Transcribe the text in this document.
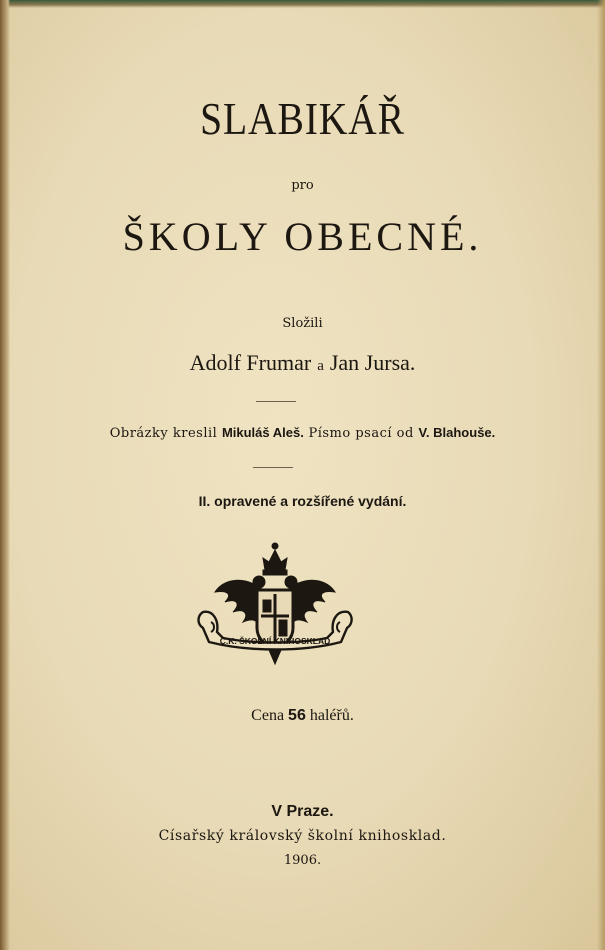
SLABIKÁŘ
pro
ŠKOLY OBECNÉ.
Složili
Adolf Frumar a Jan Jursa.
Obrázky kreslil Mikuláš Aleš. Písmo psací od V. Blahouše.
II. opravené a rozšířené vydání.
C.K. ŠKOLNÍ KNIHOSKLAD
Cena 56 haléřů.
V Praze.
Císařský královský školní knihosklad.
1906.
